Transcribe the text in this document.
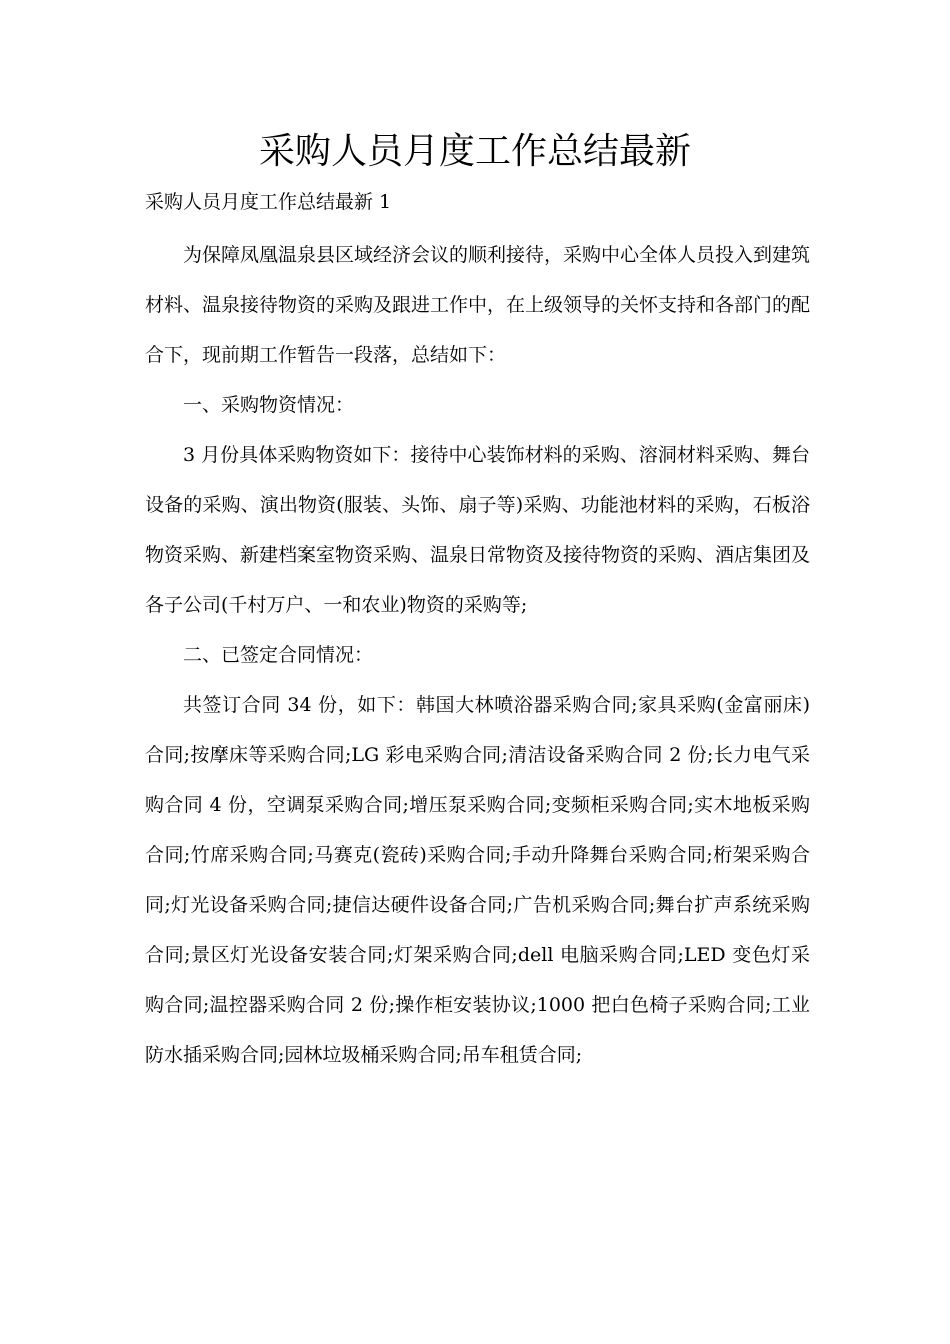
采购人员月度工作总结最新
采购人员月度工作总结最新 1

为保障凤凰温泉县区域经济会议的顺利接待，采购中心全体人员投入到建筑材料、温泉接待物资的采购及跟进工作中，在上级领导的关怀支持和各部门的配合下，现前期工作暂告一段落，总结如下：

一、采购物资情况：

3 月份具体采购物资如下：接待中心装饰材料的采购、溶洞材料采购、舞台设备的采购、演出物资(服装、头饰、扇子等)采购、功能池材料的采购，石板浴物资采购、新建档案室物资采购、温泉日常物资及接待物资的采购、酒店集团及各子公司(千村万户、一和农业)物资的采购等;

二、已签定合同情况：

共签订合同 34 份，如下：韩国大林喷浴器采购合同;家具采购(金富丽床)合同;按摩床等采购合同;LG 彩电采购合同;清洁设备采购合同 2 份;长力电气采购合同 4 份，空调泵采购合同;增压泵采购合同;变频柜采购合同;实木地板采购合同;竹席采购合同;马赛克(瓷砖)采购合同;手动升降舞台采购合同;桁架采购合同;灯光设备采购合同;捷信达硬件设备合同;广告机采购合同;舞台扩声系统采购合同;景区灯光设备安装合同;灯架采购合同;dell 电脑采购合同;LED 变色灯采购合同;温控器采购合同 2 份;操作柜安装协议;1000 把白色椅子采购合同;工业防水插采购合同;园林垃圾桶采购合同;吊车租赁合同;
